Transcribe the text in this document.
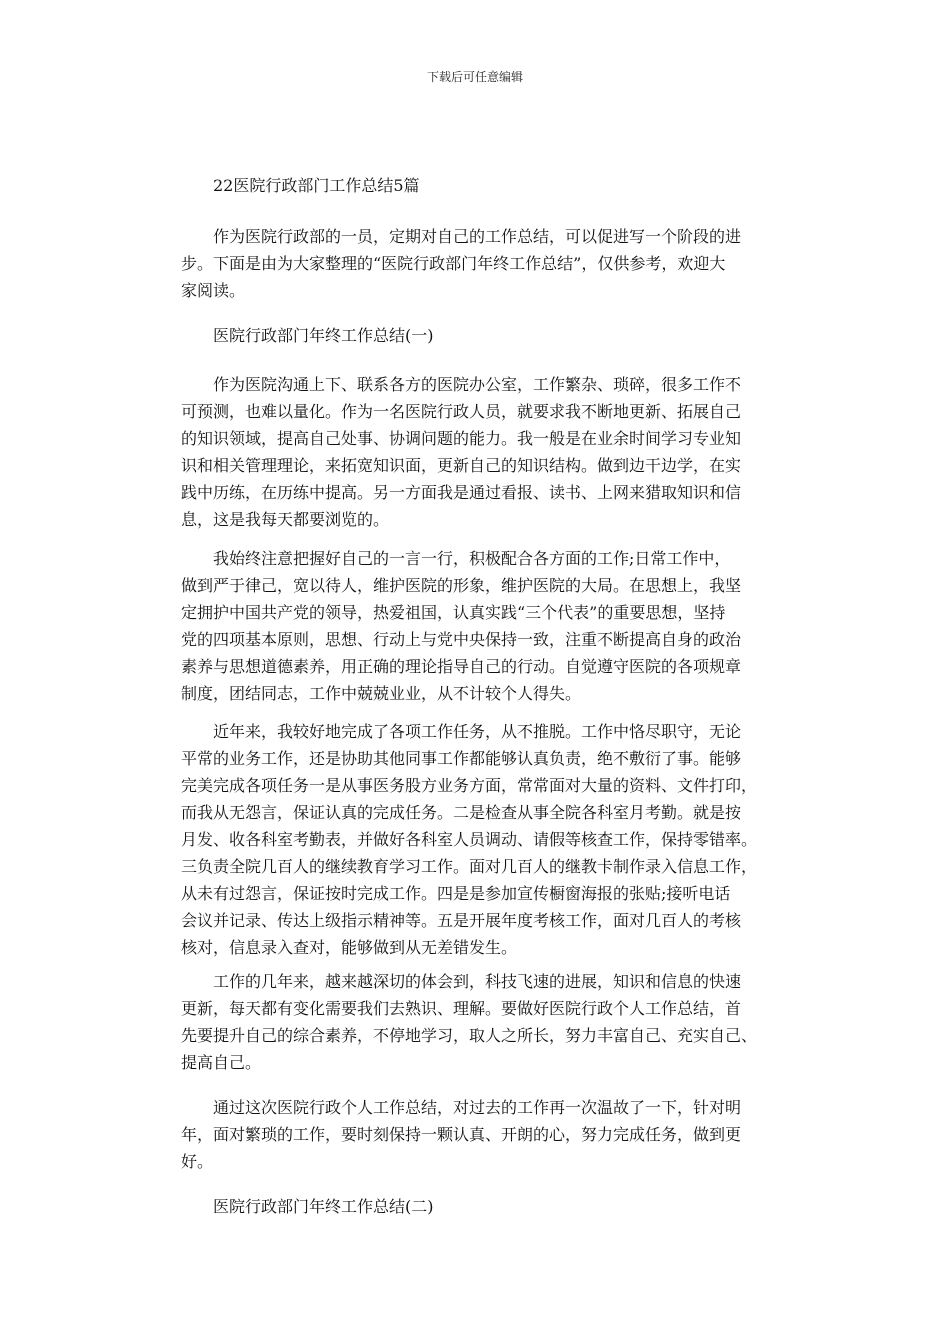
下载后可任意编辑
22医院行政部门工作总结5篇
作为医院行政部的一员，定期对自己的工作总结，可以促进写一个阶段的进
步。下面是由为大家整理的“医院行政部门年终工作总结”，仅供参考，欢迎大
家阅读。
医院行政部门年终工作总结(一)
作为医院沟通上下、联系各方的医院办公室，工作繁杂、琐碎，很多工作不
可预测，也难以量化。作为一名医院行政人员，就要求我不断地更新、拓展自己
的知识领域，提高自己处事、协调问题的能力。我一般是在业余时间学习专业知
识和相关管理理论，来拓宽知识面，更新自己的知识结构。做到边干边学，在实
践中历练，在历练中提高。另一方面我是通过看报、读书、上网来猎取知识和信
息，这是我每天都要浏览的。
我始终注意把握好自己的一言一行，积极配合各方面的工作;日常工作中，
做到严于律己，宽以待人，维护医院的形象，维护医院的大局。在思想上，我坚
定拥护中国共产党的领导，热爱祖国，认真实践“三个代表”的重要思想，坚持
党的四项基本原则，思想、行动上与党中央保持一致，注重不断提高自身的政治
素养与思想道德素养，用正确的理论指导自己的行动。自觉遵守医院的各项规章
制度，团结同志，工作中兢兢业业，从不计较个人得失。
近年来，我较好地完成了各项工作任务，从不推脱。工作中恪尽职守，无论
平常的业务工作，还是协助其他同事工作都能够认真负责，绝不敷衍了事。能够
完美完成各项任务一是从事医务股方业务方面，常常面对大量的资料、文件打印，
而我从无怨言，保证认真的完成任务。二是检查从事全院各科室月考勤。就是按
月发、收各科室考勤表，并做好各科室人员调动、请假等核查工作，保持零错率。
三负责全院几百人的继续教育学习工作。面对几百人的继教卡制作录入信息工作，
从未有过怨言，保证按时完成工作。四是是参加宣传橱窗海报的张贴;接听电话
会议并记录、传达上级指示精神等。五是开展年度考核工作，面对几百人的考核
核对，信息录入查对，能够做到从无差错发生。
工作的几年来，越来越深切的体会到，科技飞速的进展，知识和信息的快速
更新，每天都有变化需要我们去熟识、理解。要做好医院行政个人工作总结，首
先要提升自己的综合素养，不停地学习，取人之所长，努力丰富自己、充实自己、
提高自己。
通过这次医院行政个人工作总结，对过去的工作再一次温故了一下，针对明
年，面对繁琐的工作，要时刻保持一颗认真、开朗的心，努力完成任务，做到更
好。
医院行政部门年终工作总结(二)
